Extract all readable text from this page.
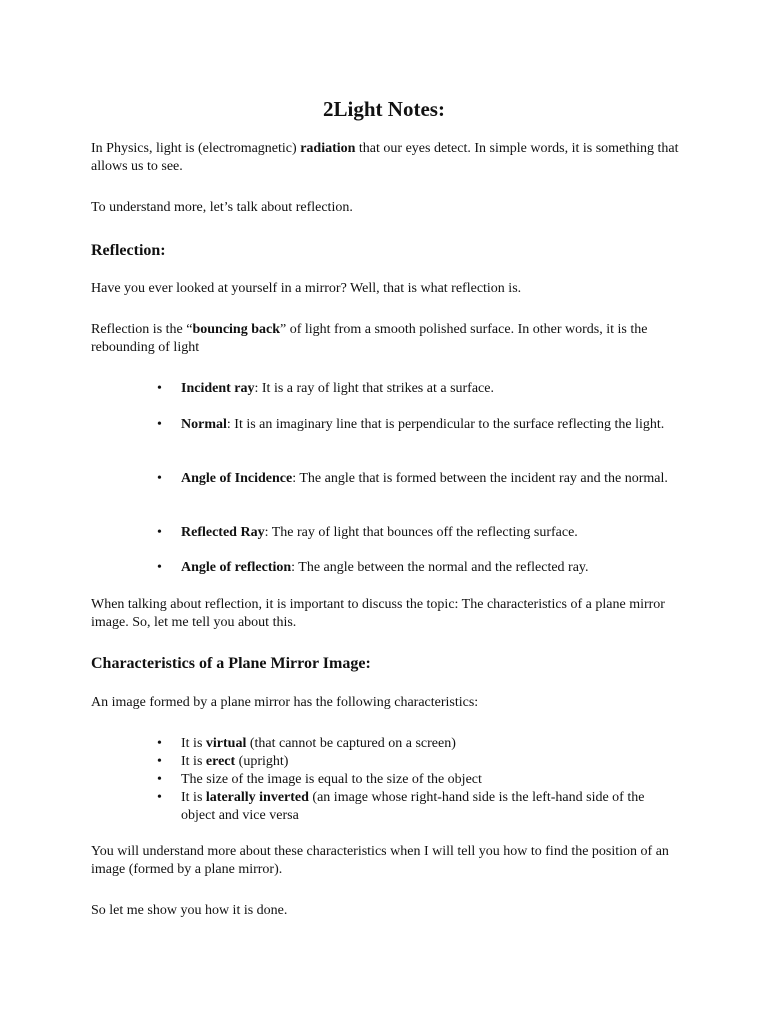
2Light Notes:

In Physics, light is (electromagnetic) radiation that our eyes detect. In simple words, it is something that allows us to see.

To understand more, let’s talk about reflection.

Reflection:

Have you ever looked at yourself in a mirror? Well, that is what reflection is.

Reflection is the “bouncing back” of light from a smooth polished surface. In other words, it is the rebounding of light

• Incident ray: It is a ray of light that strikes at a surface.
• Normal: It is an imaginary line that is perpendicular to the surface reflecting the light.
• Angle of Incidence: The angle that is formed between the incident ray and the normal.
• Reflected Ray: The ray of light that bounces off the reflecting surface.
• Angle of reflection: The angle between the normal and the reflected ray.

When talking about reflection, it is important to discuss the topic: The characteristics of a plane mirror image. So, let me tell you about this.

Characteristics of a Plane Mirror Image:

An image formed by a plane mirror has the following characteristics:

• It is virtual (that cannot be captured on a screen)
• It is erect (upright)
• The size of the image is equal to the size of the object
• It is laterally inverted (an image whose right-hand side is the left-hand side of the object and vice versa

You will understand more about these characteristics when I will tell you how to find the position of an image (formed by a plane mirror).

So let me show you how it is done.
